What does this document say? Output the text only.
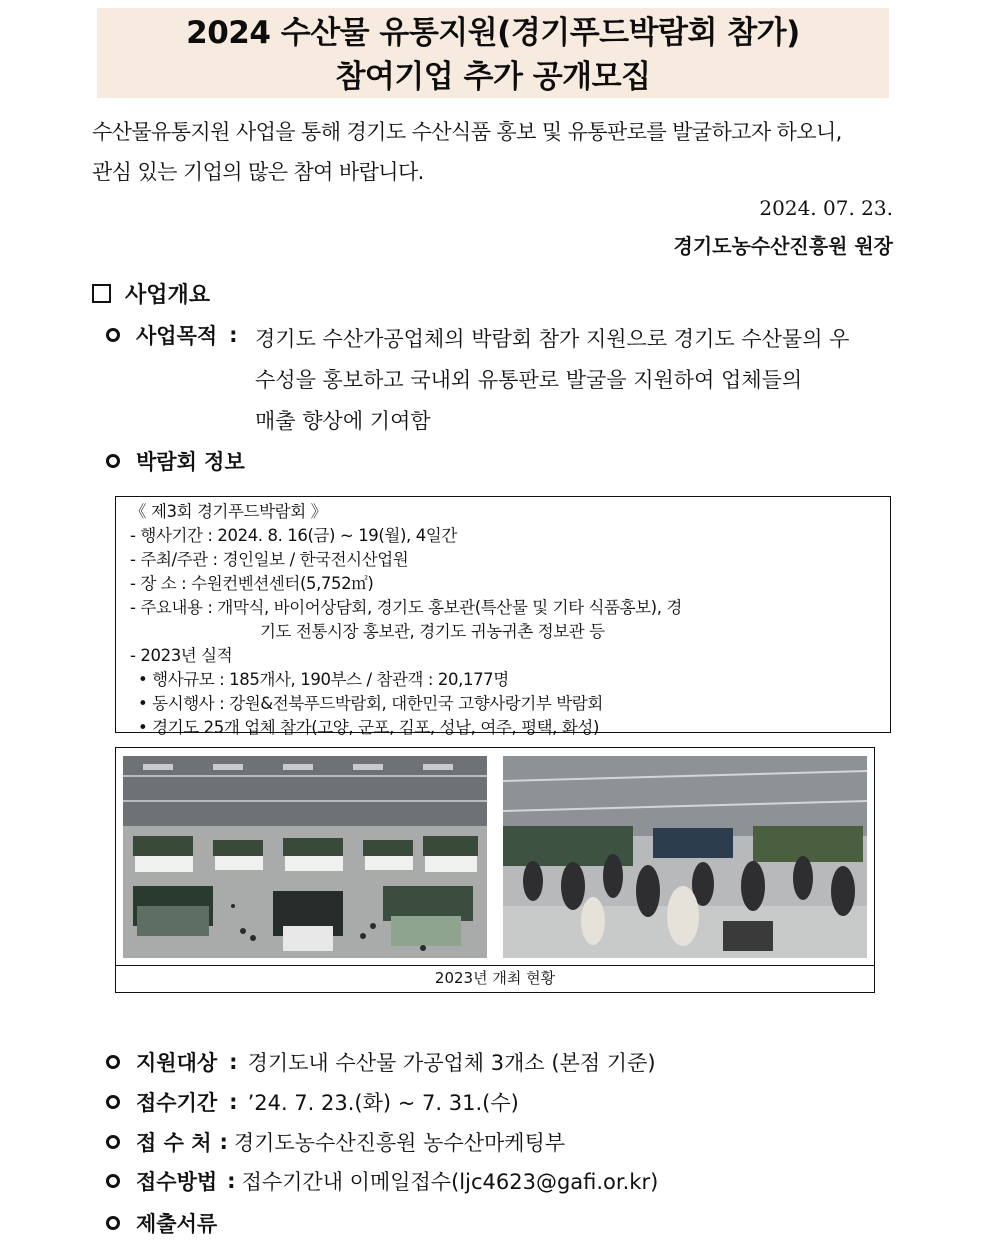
2024 수산물 유통지원(경기푸드박람회 참가)
참여기업 추가 공개모집

수산물유통지원 사업을 통해 경기도 수산식품 홍보 및 유통판로를 발굴하고자 하오니,

관심 있는 기업의 많은 참여 바랍니다.

2024. 07. 23.
경기도농수산진흥원 원장
사업개요
사업목적 : 경기도 수산가공업체의 박람회 참가 지원으로 경기도 수산물의 우

수성을 홍보하고 국내외 유통판로 발굴을 지원하여 업체들의

매출 향상에 기여함

박람회 정보

《 제3회 경기푸드박람회 》

- 행사기간 : 2024. 8. 16(금) ~ 19(월), 4일간

- 주최/주관 : 경인일보 / 한국전시산업원

- 장 소 : 수원컨벤션센터(5,752㎡)

- 주요내용 : 개막식, 바이어상담회, 경기도 홍보관(특산물 및 기타 식품홍보), 경

기도 전통시장 홍보관, 경기도 귀농귀촌 정보관 등

- 2023년 실적

• 행사규모 : 185개사, 190부스 / 참관객 : 20,177명

• 동시행사 : 강원&전북푸드박람회, 대한민국 고향사랑기부 박람회

• 경기도 25개 업체 참가(고양, 군포, 김포, 성남, 여주, 평택, 화성)

2023년 개최 현황
지원대상 : 경기도내 수산물 가공업체 3개소 (본점 기준)
접수기간 : ’24. 7. 23.(화) ~ 7. 31.(수)
접 수 처 : 경기도농수산진흥원 농수산마케팅부
접수방법 : 접수기간내 이메일접수(ljc4623@gafi.or.kr)
제출서류
